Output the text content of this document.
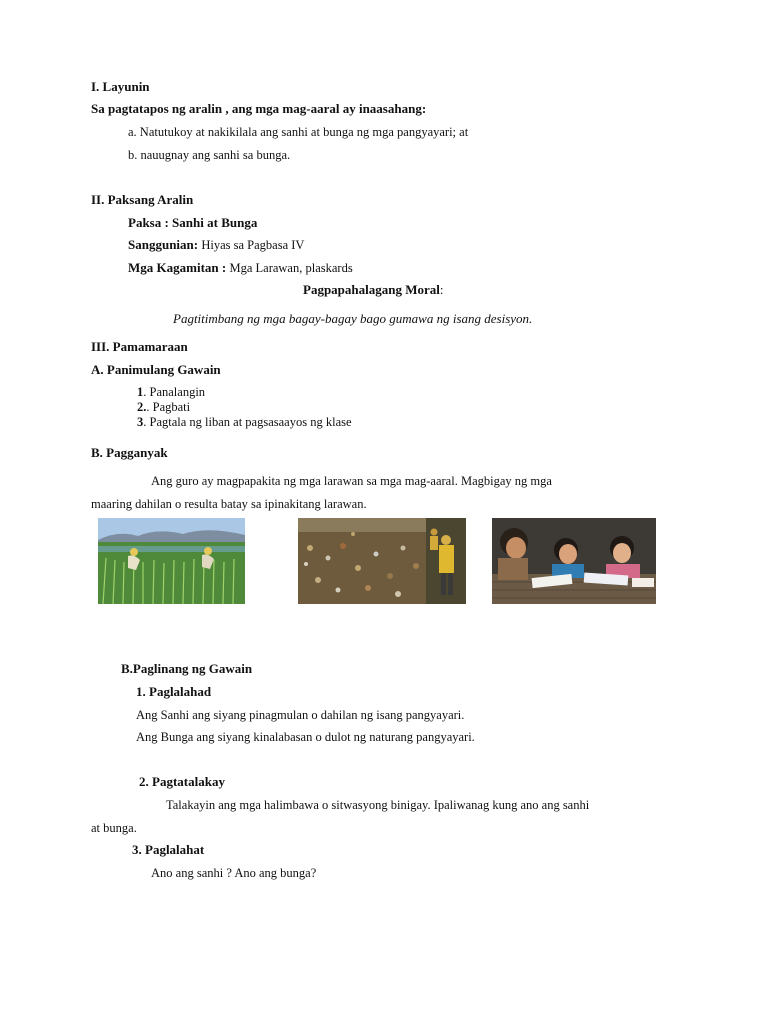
I. Layunin
Sa pagtatapos ng aralin , ang mga mag-aaral ay inaasahang:
a. Natutukoy at nakikilala ang sanhi at bunga ng mga pangyayari; at
b. nauugnay ang sanhi sa bunga.
II. Paksang Aralin
Paksa : Sanhi at Bunga
Sanggunian: Hiyas sa Pagbasa IV
Mga Kagamitan : Mga Larawan, plaskards
Pagpapahalagang Moral:
Pagtitimbang ng mga bagay-bagay bago gumawa ng isang desisyon.
III. Pamamaraan
A. Panimulang Gawain
1. Panalangin
2.. Pagbati
3. Pagtala ng liban at pagsasaayos ng klase
B. Pagganyak
Ang guro ay magpapakita ng mga larawan sa mga mag-aaral. Magbigay ng mga
maaring dahilan o resulta batay sa ipinakitang larawan.
B.Paglinang ng Gawain
1. Paglalahad
Ang Sanhi ang siyang pinagmulan o dahilan ng isang pangyayari.
Ang Bunga ang siyang kinalabasan o dulot ng naturang pangyayari.
2. Pagtatalakay
Talakayin ang mga halimbawa o sitwasyong binigay. Ipaliwanag kung ano ang sanhi
at bunga.
3. Paglalahat
Ano ang sanhi ? Ano ang bunga?
